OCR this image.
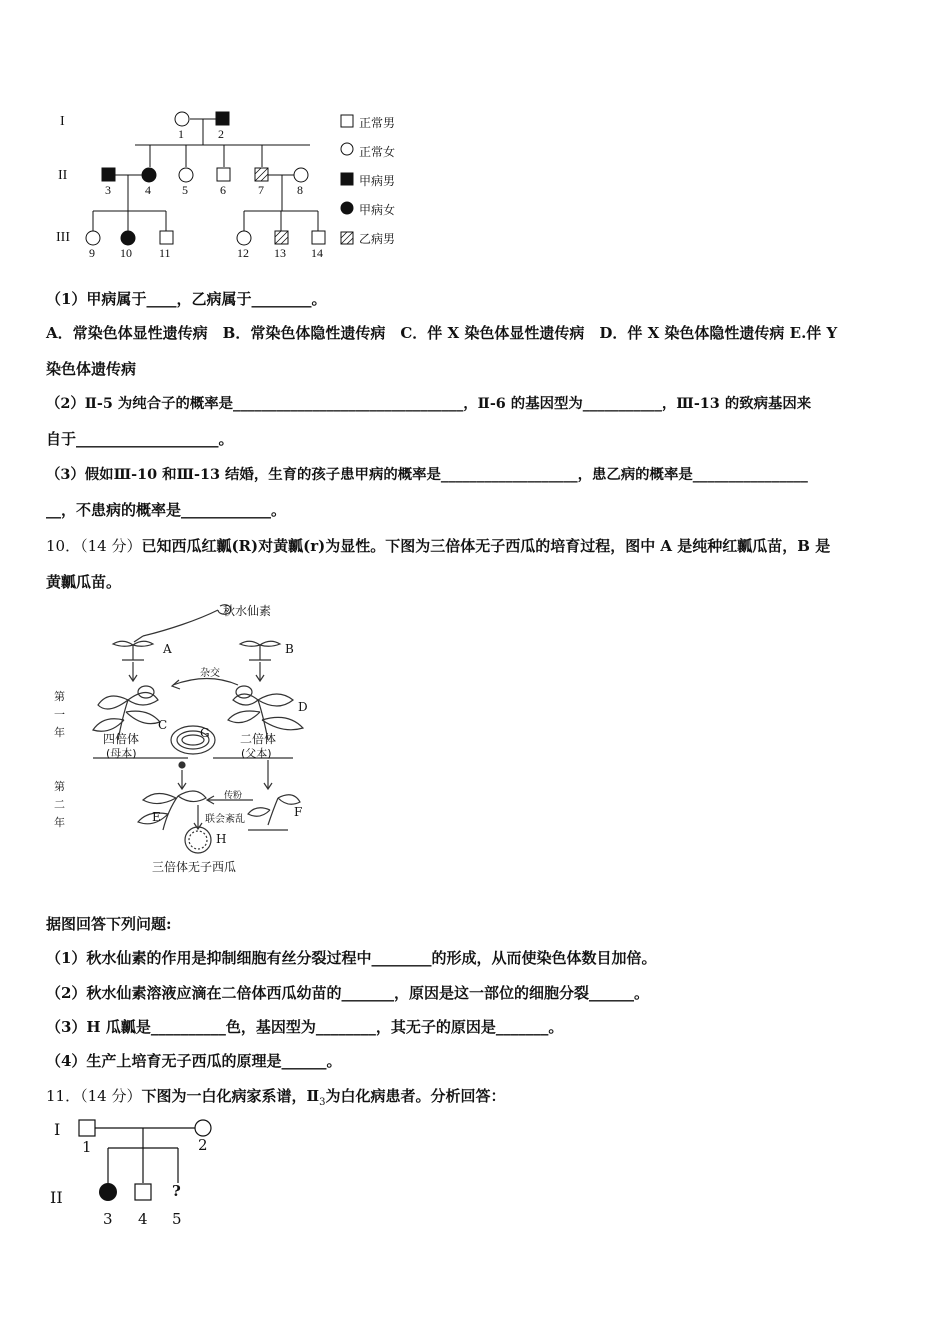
I
II
III
1	2
3	4	5	6	7	8
9 10 11	12 13 14
正常男
正常女
甲病男
甲病女
乙病男
（1）甲病属于____，乙病属于________。
A．常染色体显性遗传病　B．常染色体隐性遗传病　C．伴 X 染色体显性遗传病　D．伴 X 染色体隐性遗传病 E.伴 Y
染色体遗传病
（2）Ⅱ-5 为纯合子的概率是________________________________，Ⅱ-6 的基因型为___________，Ⅲ-13 的致病基因来
自于___________________。
（3）假如Ⅲ-10 和Ⅲ-13 结婚，生育的孩子患甲病的概率是___________________，患乙病的概率是________________
__，不患病的概率是____________。
10．（14 分）已知西瓜红瓤(R)对黄瓤(r)为显性。下图为三倍体无子西瓜的培育过程，图中 A 是纯种红瓤瓜苗，B 是
黄瓤瓜苗。
秋水仙素
A	B
杂交
C
D
四倍体
(母本)
二倍体
(父本)
G
第
一
年
第
二
年
传粉
E	F
联会紊乱
H
三倍体无子西瓜
据图回答下列问题:
（1）秋水仙素的作用是抑制细胞有丝分裂过程中________的形成，从而使染色体数目加倍。
（2）秋水仙素溶液应滴在二倍体西瓜幼苗的_______，原因是这一部位的细胞分裂______。
（3）H 瓜瓤是__________色，基因型为________，其无子的原因是_______。
（4）生产上培育无子西瓜的原理是______。
11．（14 分）下图为一白化病家系谱，$Ⅱ_3$为白化病患者。分析回答：
I
II
1	2
3 4 5
?
